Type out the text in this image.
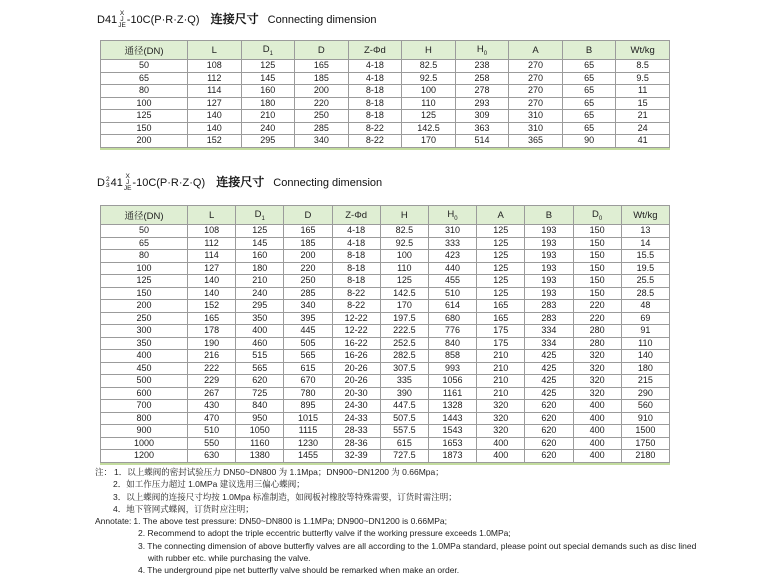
D41
X
J
JE -10C(P·R·Z·Q) 连接尺寸 Connecting dimension
通径(DN)	L	$D_1$	D	Z-Φd	H	$H_0$	A	B	Wt/kg
50	108	125	165	4-18	82.5	238	270	65	8.5
65	112	145	185	4-18	92.5	258	270	65	9.5
80	114	160	200	8-18	100	278	270	65	11
100	127	180	220	8-18	110	293	270	65	15
125	140	210	250	8-18	125	309	310	65	21
150	140	240	285	8-22	142.5	363	310	65	24
200	152	295	340	8-22	170	514	365	90	41
D 2
3 41
X
J
JE -10C(P·R·Z·Q) 连接尺寸 Connecting dimension
通径(DN)	L	$D_1$	D	Z-Φd	H	$H_0$	A	B	$D_0$	Wt/kg
50	108	125	165	4-18	82.5	310	125	193	150	13
65	112	145	185	4-18	92.5	333	125	193	150	14
80	114	160	200	8-18	100	423	125	193	150	15.5
100	127	180	220	8-18	110	440	125	193	150	19.5
125	140	210	250	8-18	125	455	125	193	150	25.5
150	140	240	285	8-22	142.5	510	125	193	150	28.5
200	152	295	340	8-22	170	614	165	283	220	48
250	165	350	395	12-22	197.5	680	165	283	220	69
300	178	400	445	12-22	222.5	776	175	334	280	91
350	190	460	505	16-22	252.5	840	175	334	280	110
400	216	515	565	16-26	282.5	858	210	425	320	140
450	222	565	615	20-26	307.5	993	210	425	320	180
500	229	620	670	20-26	335	1056	210	425	320	215
600	267	725	780	20-30	390	1161	210	425	320	290
700	430	840	895	24-30	447.5	1328	320	620	400	560
800	470	950	1015	24-33	507.5	1443	320	620	400	910
900	510	1050	1115	28-33	557.5	1543	320	620	400	1500
1000	550	1160	1230	28-36	615	1653	400	620	400	1750
1200	630	1380	1455	32-39	727.5	1873	400	620	400	2180
注： 1．以上蝶阀的密封试验压力 DN50~DN800 为 1.1Mpa；DN900~DN1200 为 0.66Mpa；
2．如工作压力超过 1.0MPa 建议选用三偏心蝶阀；
3．以上蝶阀的连接尺寸均按 1.0Mpa 标准制造，如阀板衬橡胶等特殊需要，订货时需注明；
4．地下管网式蝶阀，订货时应注明；
Annotate: 1. The above test pressure: DN50~DN800 is 1.1MPa; DN900~DN1200 is 0.66MPa;
2. Recommend to adopt the triple eccentric butterfly valve if the working pressure exceeds 1.0MPa;
3. The connecting dimension of above butterfly valves are all according to the 1.0MPa standard, please point out special demands such as disc lined with rubber etc. while purchasing the valve.
4. The underground pipe net butterfly valve should be remarked when make an order.
